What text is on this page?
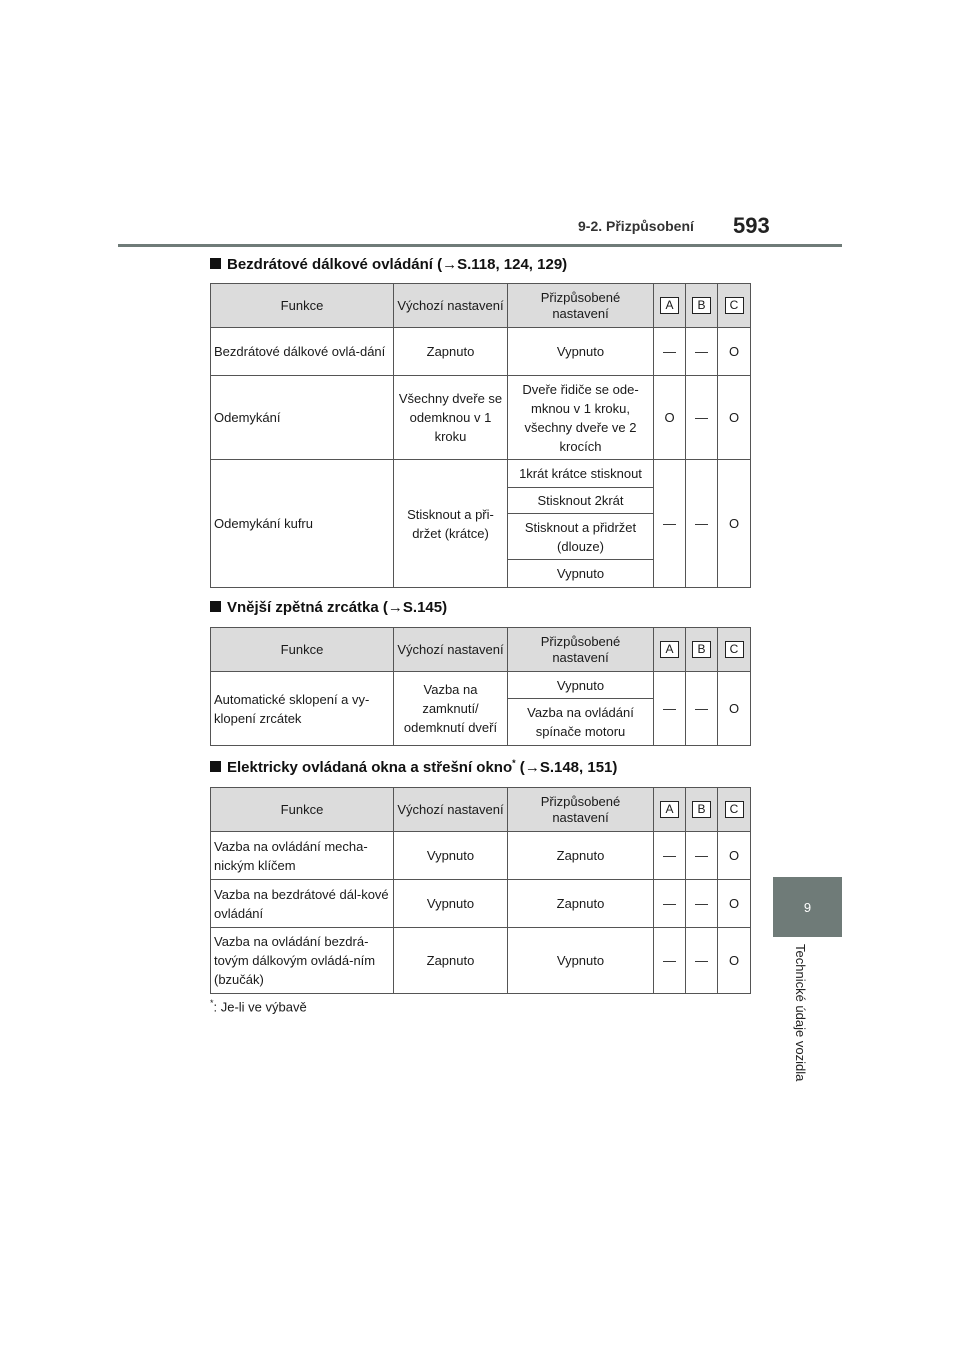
9-2. Přizpůsobení 593
9
Technické údaje vozidla
Bezdrátové dálkové ovládání (→S.118, 124, 129)
Funkce	Výchozí nastavení	Přizpůsobené nastavení	A	B	C
Bezdrátové dálkové ovlá-dání	Zapnuto	Vypnuto	—	—	O
Odemykání	Všechny dveře se odemknou v 1 kroku	Dveře řidiče se ode-mknou v 1 kroku, všechny dveře ve 2 krocích	O	—	O
Odemykání kufru	Stisknout a při-držet (krátce)	1krát krátce stisknout	—	—	O
		Stisknout 2krát			
		Stisknout a přidržet (dlouze)			
		Vypnuto			
Vnější zpětná zrcátka (→S.145)
Funkce	Výchozí nastavení	Přizpůsobené nastavení	A	B	C
Automatické sklopení a vy-klopení zrcátek	Vazba na zamknutí/ odemknutí dveří	Vypnuto	—	—	O
		Vazba na ovládání spínače motoru			
Elektricky ovládaná okna a střešní okno* (→S.148, 151)
Funkce	Výchozí nastavení	Přizpůsobené nastavení	A	B	C
Vazba na ovládání mecha-nickým klíčem	Vypnuto	Zapnuto	—	—	O
Vazba na bezdrátové dál-kové ovládání	Vypnuto	Zapnuto	—	—	O
Vazba na ovládání bezdrá-tovým dálkovým ovládá-ním (bzučák)	Zapnuto	Vypnuto	—	—	O
*: Je-li ve výbavě
